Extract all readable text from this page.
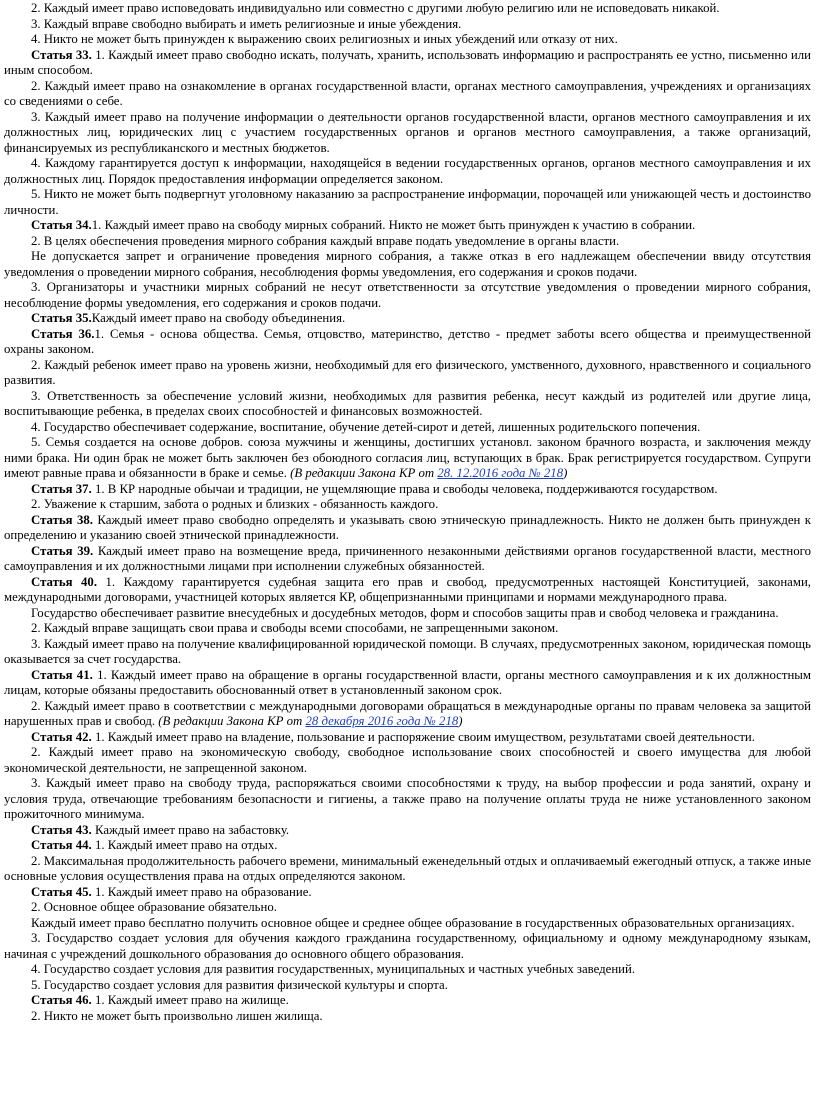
2. Каждый имеет право исповедовать индивидуально или совместно с другими любую религию или не исповедовать никакой.

3. Каждый вправе свободно выбирать и иметь религиозные и иные убеждения.

4. Никто не может быть принужден к выражению своих религиозных и иных убеждений или отказу от них.

Статья 33. 1. Каждый имеет право свободно искать, получать, хранить, использовать информацию и распространять ее устно, письменно или иным способом.

2. Каждый имеет право на ознакомление в органах государственной власти, органах местного самоуправления, учреждениях и организациях со сведениями о себе.

3. Каждый имеет право на получение информации о деятельности органов государственной власти, органов местного самоуправления и их должностных лиц, юридических лиц с участием государственных органов и органов местного самоуправления, а также организаций, финансируемых из республиканского и местных бюджетов.

4. Каждому гарантируется доступ к информации, находящейся в ведении государственных органов, органов местного самоуправления и их должностных лиц. Порядок предоставления информации определяется законом.

5. Никто не может быть подвергнут уголовному наказанию за распространение информации, порочащей или унижающей честь и достоинство личности.

Статья 34.1. Каждый имеет право на свободу мирных собраний. Никто не может быть принужден к участию в собрании.

2. В целях обеспечения проведения мирного собрания каждый вправе подать уведомление в органы власти.

Не допускается запрет и ограничение проведения мирного собрания, а также отказ в его надлежащем обеспечении ввиду отсутствия уведомления о проведении мирного собрания, несоблюдения формы уведомления, его содержания и сроков подачи.

3. Организаторы и участники мирных собраний не несут ответственности за отсутствие уведомления о проведении мирного собрания, несоблюдение формы уведомления, его содержания и сроков подачи.

Статья 35.Каждый имеет право на свободу объединения.

Статья 36.1. Семья - основа общества. Семья, отцовство, материнство, детство - предмет заботы всего общества и преимущественной охраны законом.

2. Каждый ребенок имеет право на уровень жизни, необходимый для его физического, умственного, духовного, нравственного и социального развития.

3. Ответственность за обеспечение условий жизни, необходимых для развития ребенка, несут каждый из родителей или другие лица, воспитывающие ребенка, в пределах своих способностей и финансовых возможностей.

4. Государство обеспечивает содержание, воспитание, обучение детей-сирот и детей, лишенных родительского попечения.

5. Семья создается на основе добров. союза мужчины и женщины, достигших установл. законом брачного возраста, и заключения между ними брака. Ни один брак не может быть заключен без обоюдного согласия лиц, вступающих в брак. Брак регистрируется государством. Супруги имеют равные права и обязанности в браке и семье. (В редакции Закона КР от 28. 12.2016 года № 218)

Статья 37. 1. В КР народные обычаи и традиции, не ущемляющие права и свободы человека, поддерживаются государством.

2. Уважение к старшим, забота о родных и близких - обязанность каждого.

Статья 38. Каждый имеет право свободно определять и указывать свою этническую принадлежность. Никто не должен быть принужден к определению и указанию своей этнической принадлежности.

Статья 39. Каждый имеет право на возмещение вреда, причиненного незаконными действиями органов государственной власти, местного самоуправления и их должностными лицами при исполнении служебных обязанностей.

Статья 40. 1. Каждому гарантируется судебная защита его прав и свобод, предусмотренных настоящей Конституцией, законами, международными договорами, участницей которых является КР, общепризнанными принципами и нормами международного права.

Государство обеспечивает развитие внесудебных и досудебных методов, форм и способов защиты прав и свобод человека и гражданина.

2. Каждый вправе защищать свои права и свободы всеми способами, не запрещенными законом.

3. Каждый имеет право на получение квалифицированной юридической помощи. В случаях, предусмотренных законом, юридическая помощь оказывается за счет государства.

Статья 41. 1. Каждый имеет право на обращение в органы государственной власти, органы местного самоуправления и к их должностным лицам, которые обязаны предоставить обоснованный ответ в установленный законом срок.

2. Каждый имеет право в соответствии с международными договорами обращаться в международные органы по правам человека за защитой нарушенных прав и свобод. (В редакции Закона КР от 28 декабря 2016 года № 218)

Статья 42. 1. Каждый имеет право на владение, пользование и распоряжение своим имуществом, результатами своей деятельности.

2. Каждый имеет право на экономическую свободу, свободное использование своих способностей и своего имущества для любой экономической деятельности, не запрещенной законом.

3. Каждый имеет право на свободу труда, распоряжаться своими способностями к труду, на выбор профессии и рода занятий, охрану и условия труда, отвечающие требованиям безопасности и гигиены, а также право на получение оплаты труда не ниже установленного законом прожиточного минимума.

Статья 43. Каждый имеет право на забастовку.

Статья 44. 1. Каждый имеет право на отдых.

2. Максимальная продолжительность рабочего времени, минимальный еженедельный отдых и оплачиваемый ежегодный отпуск, а также иные основные условия осуществления права на отдых определяются законом.

Статья 45. 1. Каждый имеет право на образование.

2. Основное общее образование обязательно.

Каждый имеет право бесплатно получить основное общее и среднее общее образование в государственных образовательных организациях.

3. Государство создает условия для обучения каждого гражданина государственному, официальному и одному международному языкам, начиная с учреждений дошкольного образования до основного общего образования.

4. Государство создает условия для развития государственных, муниципальных и частных учебных заведений.

5. Государство создает условия для развития физической культуры и спорта.

Статья 46. 1. Каждый имеет право на жилище.

2. Никто не может быть произвольно лишен жилища.
